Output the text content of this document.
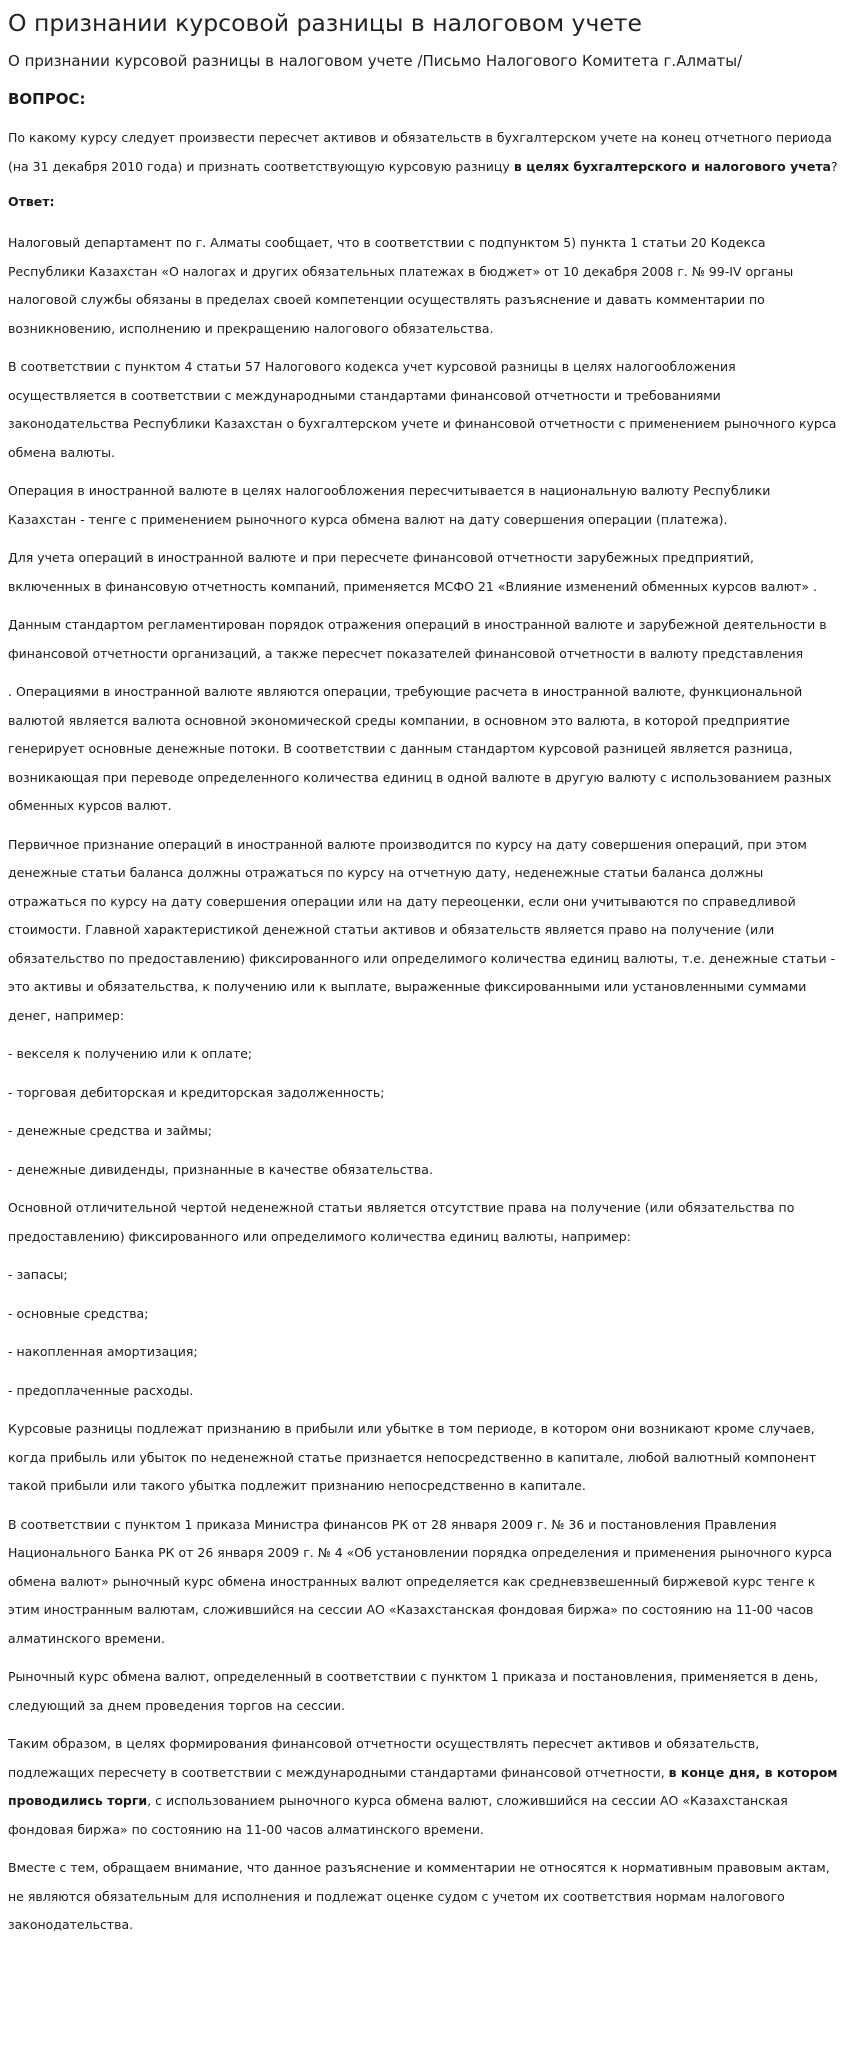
О признании курсовой разницы в налоговом учете
О признании курсовой разницы в налоговом учете /Письмо Налогового Комитета г.Алматы/
ВОПРОС:

По какому курсу следует произвести пересчет активов и обязательств в бухгалтерском учете на конец отчетного периода (на 31 декабря 2010 года) и признать соответствующую курсовую разницу в целях бухгалтерского и налогового учета?

Ответ:

Налоговый департамент по г. Алматы сообщает, что в соответствии с подпунктом 5) пункта 1 статьи 20 Кодекса Республики Казахстан «О налогах и других обязательных платежах в бюджет» от 10 декабря 2008 г. № 99-IV органы налоговой службы обязаны в пределах своей компетенции осуществлять разъяснение и давать комментарии по возникновению, исполнению и прекращению налогового обязательства.

В соответствии с пунктом 4 статьи 57 Налогового кодекса учет курсовой разницы в целях налогообложения осуществляется в соответствии с международными стандартами финансовой отчетности и требованиями законодательства Республики Казахстан о бухгалтерском учете и финансовой отчетности с применением рыночного курса обмена валюты.

Операция в иностранной валюте в целях налогообложения пересчитывается в национальную валюту Республики Казахстан - тенге с применением рыночного курса обмена валют на дату совершения операции (платежа).

Для учета операций в иностранной валюте и при пересчете финансовой отчетности зарубежных предприятий, включенных в финансовую отчетность компаний, применяется МСФО 21 «Влияние изменений обменных курсов валют» .

Данным стандартом регламентирован порядок отражения операций в иностранной валюте и зарубежной деятельности в финансовой отчетности организаций, а также пересчет показателей финансовой отчетности в валюту представления

. Операциями в иностранной валюте являются операции, требующие расчета в иностранной валюте, функциональной валютой является валюта основной экономической среды компании, в основном это валюта, в которой предприятие генерирует основные денежные потоки. В соответствии с данным стандартом курсовой разницей является разница, возникающая при переводе определенного количества единиц в одной валюте в другую валюту с использованием разных обменных курсов валют.

Первичное признание операций в иностранной валюте производится по курсу на дату совершения операций, при этом денежные статьи баланса должны отражаться по курсу на отчетную дату, неденежные статьи баланса должны отражаться по курсу на дату совершения операции или на дату переоценки, если они учитываются по справедливой стоимости. Главной характеристикой денежной статьи активов и обязательств является право на получение (или обязательство по предоставлению) фиксированного или определимого количества единиц валюты, т.е. денежные статьи - это активы и обязательства, к получению или к выплате, выраженные фиксированными или установленными суммами денег, например:

- векселя к получению или к оплате;

- торговая дебиторская и кредиторская задолженность;

- денежные средства и займы;

- денежные дивиденды, признанные в качестве обязательства.

Основной отличительной чертой неденежной статьи является отсутствие права на получение (или обязательства по предоставлению) фиксированного или определимого количества единиц валюты, например:

- запасы;

- основные средства;

- накопленная амортизация;

- предоплаченные расходы.

Курсовые разницы подлежат признанию в прибыли или убытке в том периоде, в котором они возникают кроме случаев, когда прибыль или убыток по неденежной статье признается непосредственно в капитале, любой валютный компонент такой прибыли или такого убытка подлежит признанию непосредственно в капитале.

В соответствии с пунктом 1 приказа Министра финансов РК от 28 января 2009 г. № 36 и постановления Правления Национального Банка РК от 26 января 2009 г. № 4 «Об установлении порядка определения и применения рыночного курса обмена валют» рыночный курс обмена иностранных валют определяется как средневзвешенный биржевой курс тенге к этим иностранным валютам, сложившийся на сессии АО «Казахстанская фондовая биржа» по состоянию на 11-00 часов алматинского времени.

Рыночный курс обмена валют, определенный в соответствии с пунктом 1 приказа и постановления, применяется в день, следующий за днем проведения торгов на сессии.

Таким образом, в целях формирования финансовой отчетности осуществлять пересчет активов и обязательств, подлежащих пересчету в соответствии с международными стандартами финансовой отчетности, в конце дня, в котором проводились торги, с использованием рыночного курса обмена валют, сложившийся на сессии АО «Казахстанская фондовая биржа» по состоянию на 11-00 часов алматинского времени.

Вместе с тем, обращаем внимание, что данное разъяснение и комментарии не относятся к нормативным правовым актам, не являются обязательным для исполнения и подлежат оценке судом с учетом их соответствия нормам налогового законодательства.
